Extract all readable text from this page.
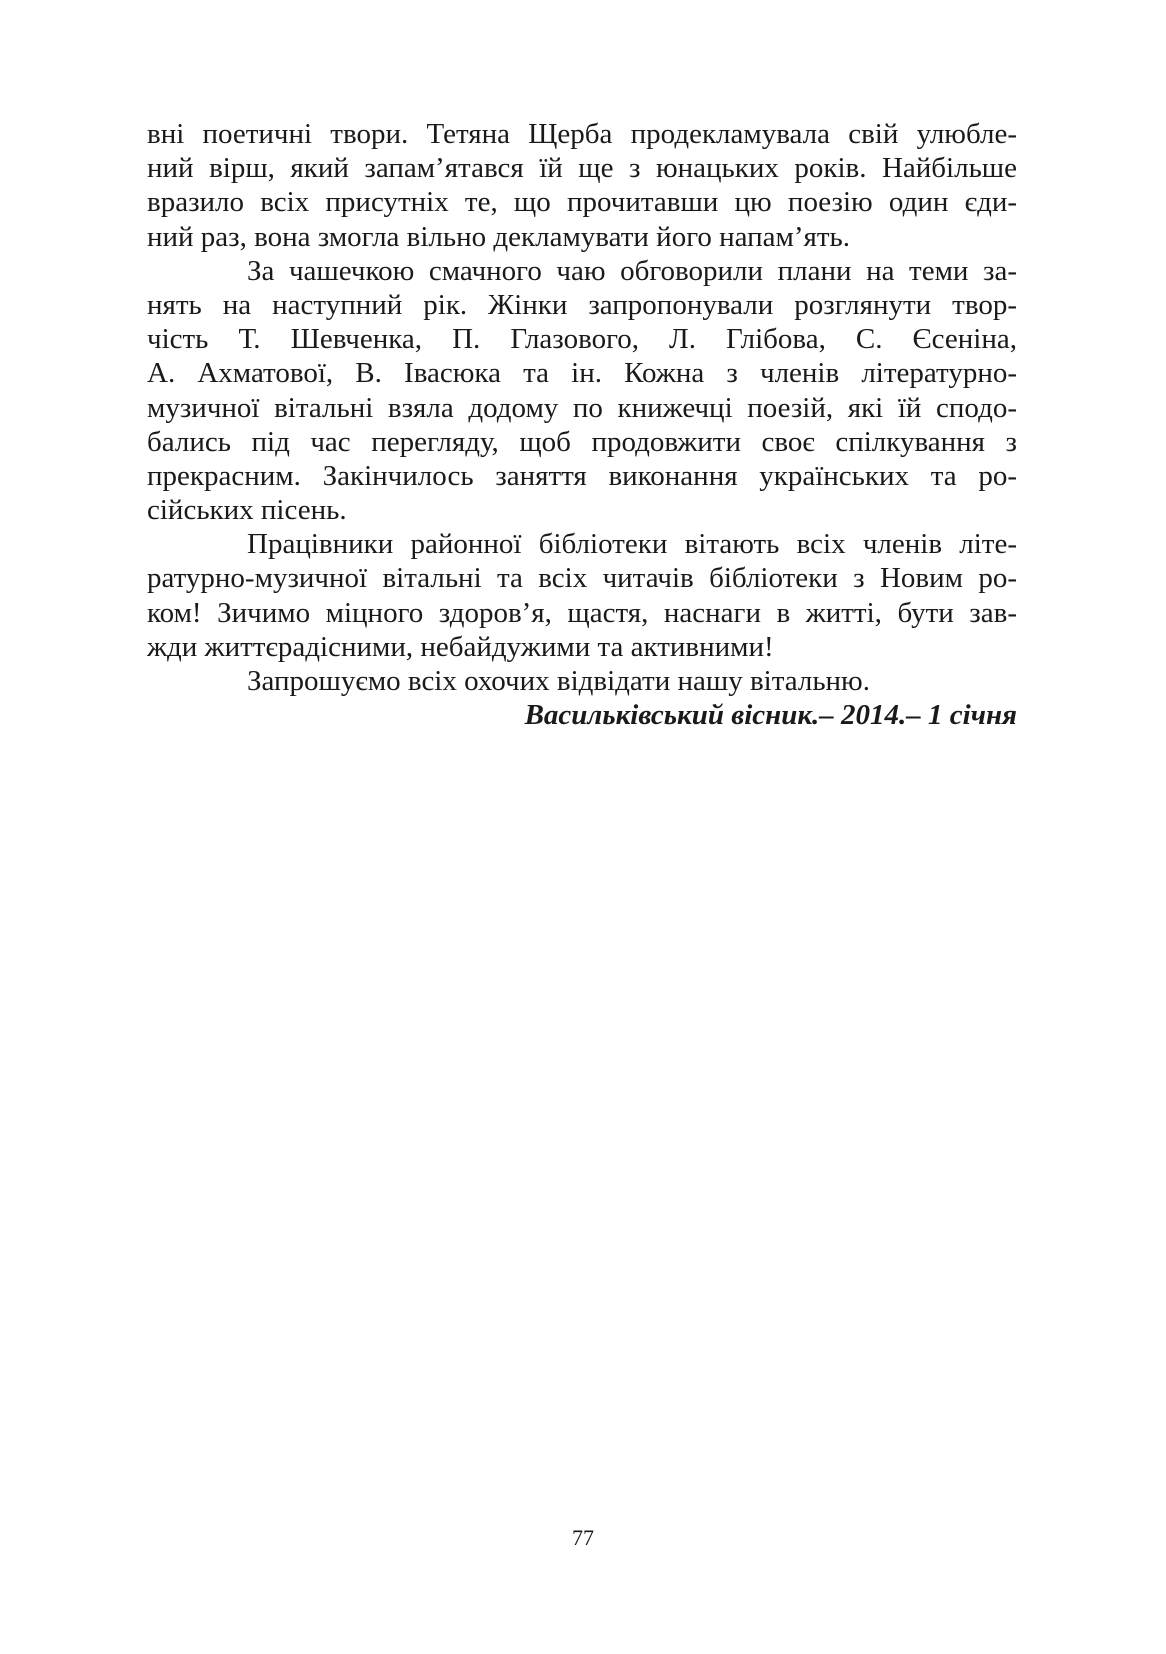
вні поетичні твори. Тетяна Щерба продекламувала свій улюбле-
ний вірш, який запам’ятався їй ще з юнацьких років. Найбільше
вразило всіх присутніх те, що прочитавши цю поезію один єди-
ний раз, вона змогла вільно декламувати його напам’ять.
За чашечкою смачного чаю обговорили плани на теми за-
нять на наступний рік. Жінки запропонували розглянути твор-
чість Т. Шевченка, П. Глазового, Л. Глібова, С. Єсеніна,
А. Ахматової, В. Івасюка та ін. Кожна з членів літературно-
музичної вітальні взяла додому по книжечці поезій, які їй сподо-
бались під час перегляду, щоб продовжити своє спілкування з
прекрасним. Закінчилось заняття виконання українських та ро-
сійських пісень.
Працівники районної бібліотеки вітають всіх членів літе-
ратурно-музичної вітальні та всіх читачів бібліотеки з Новим ро-
ком! Зичимо міцного здоров’я, щастя, наснаги в житті, бути зав-
жди життєрадісними, небайдужими та активними!
Запрошуємо всіх охочих відвідати нашу вітальню.
Васильківський вісник.– 2014.– 1 січня
77
